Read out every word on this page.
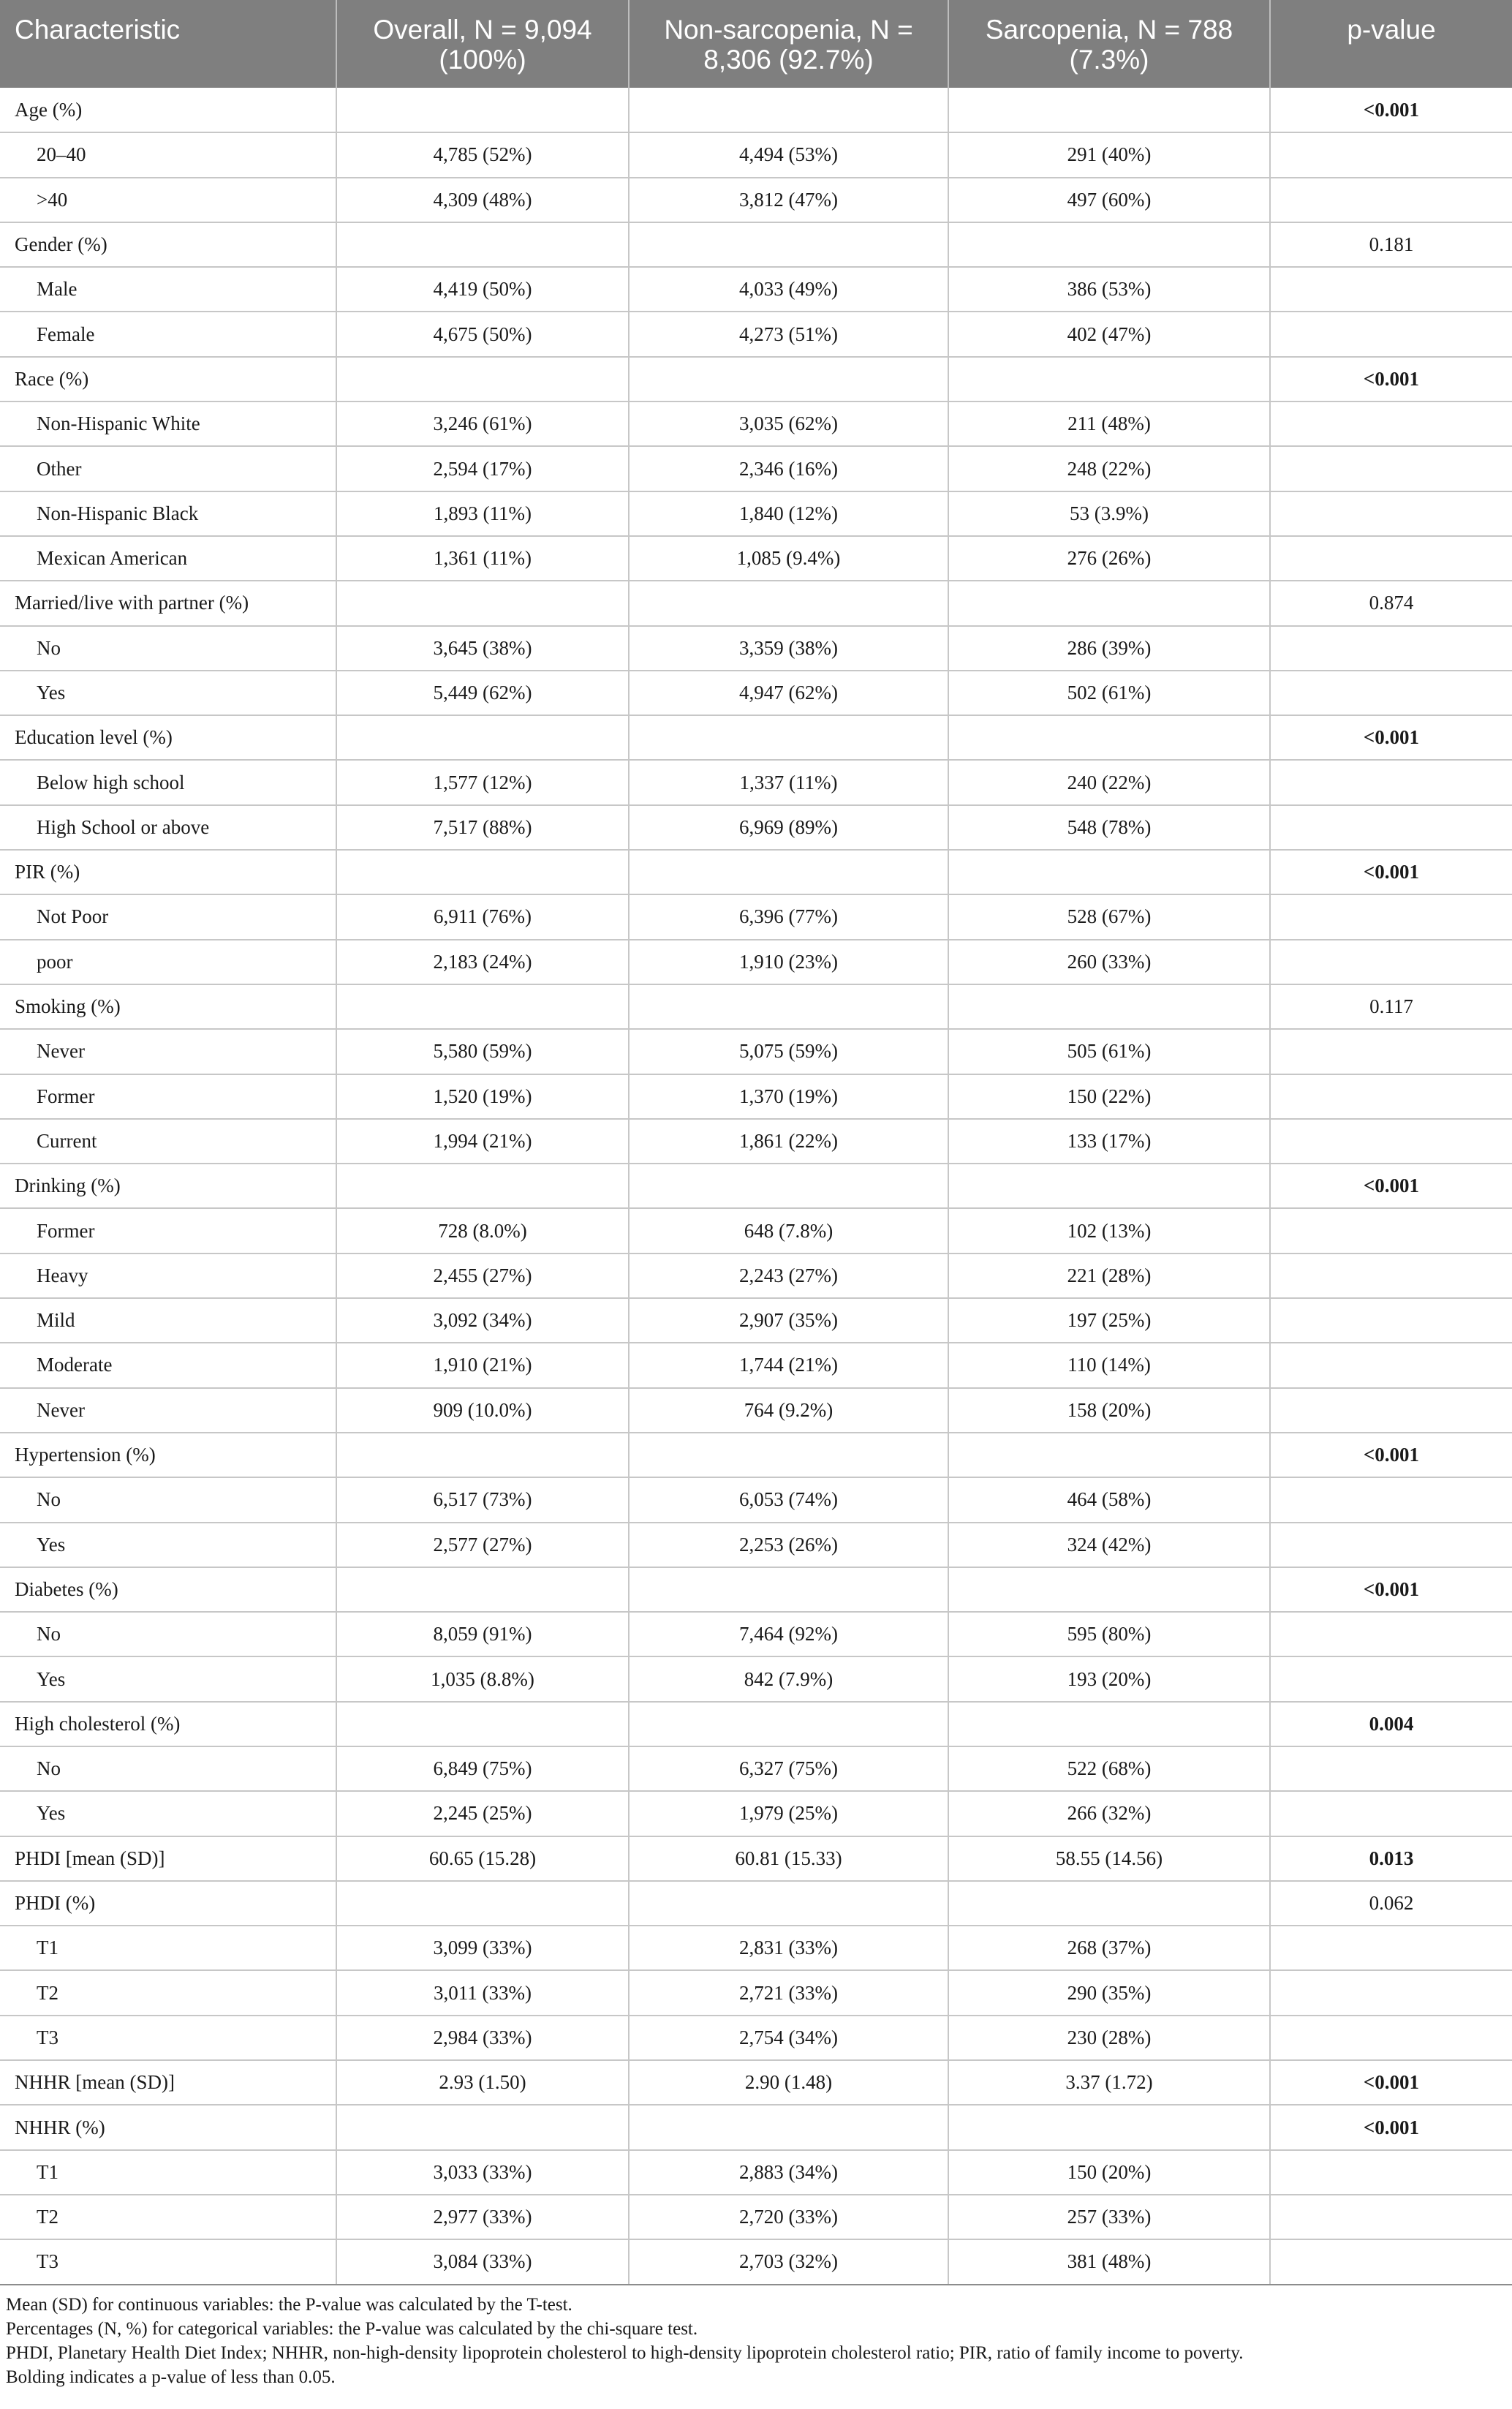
Characteristic	Overall, N = 9,094 (100%)	Non-sarcopenia, N = 8,306 (92.7%)	Sarcopenia, N = 788 (7.3%)	p-value
Age (%)				<0.001
20–40	4,785 (52%)	4,494 (53%)	291 (40%)	
>40	4,309 (48%)	3,812 (47%)	497 (60%)	
Gender (%)				0.181
Male	4,419 (50%)	4,033 (49%)	386 (53%)	
Female	4,675 (50%)	4,273 (51%)	402 (47%)	
Race (%)				<0.001
Non-Hispanic White	3,246 (61%)	3,035 (62%)	211 (48%)	
Other	2,594 (17%)	2,346 (16%)	248 (22%)	
Non-Hispanic Black	1,893 (11%)	1,840 (12%)	53 (3.9%)	
Mexican American	1,361 (11%)	1,085 (9.4%)	276 (26%)	
Married/live with partner (%)				0.874
No	3,645 (38%)	3,359 (38%)	286 (39%)	
Yes	5,449 (62%)	4,947 (62%)	502 (61%)	
Education level (%)				<0.001
Below high school	1,577 (12%)	1,337 (11%)	240 (22%)	
High School or above	7,517 (88%)	6,969 (89%)	548 (78%)	
PIR (%)				<0.001
Not Poor	6,911 (76%)	6,396 (77%)	528 (67%)	
poor	2,183 (24%)	1,910 (23%)	260 (33%)	
Smoking (%)				0.117
Never	5,580 (59%)	5,075 (59%)	505 (61%)	
Former	1,520 (19%)	1,370 (19%)	150 (22%)	
Current	1,994 (21%)	1,861 (22%)	133 (17%)	
Drinking (%)				<0.001
Former	728 (8.0%)	648 (7.8%)	102 (13%)	
Heavy	2,455 (27%)	2,243 (27%)	221 (28%)	
Mild	3,092 (34%)	2,907 (35%)	197 (25%)	
Moderate	1,910 (21%)	1,744 (21%)	110 (14%)	
Never	909 (10.0%)	764 (9.2%)	158 (20%)	
Hypertension (%)				<0.001
No	6,517 (73%)	6,053 (74%)	464 (58%)	
Yes	2,577 (27%)	2,253 (26%)	324 (42%)	
Diabetes (%)				<0.001
No	8,059 (91%)	7,464 (92%)	595 (80%)	
Yes	1,035 (8.8%)	842 (7.9%)	193 (20%)	
High cholesterol (%)				0.004
No	6,849 (75%)	6,327 (75%)	522 (68%)	
Yes	2,245 (25%)	1,979 (25%)	266 (32%)	
PHDI [mean (SD)]	60.65 (15.28)	60.81 (15.33)	58.55 (14.56)	0.013
PHDI (%)				0.062
T1	3,099 (33%)	2,831 (33%)	268 (37%)	
T2	3,011 (33%)	2,721 (33%)	290 (35%)	
T3	2,984 (33%)	2,754 (34%)	230 (28%)	
NHHR [mean (SD)]	2.93 (1.50)	2.90 (1.48)	3.37 (1.72)	<0.001
NHHR (%)				<0.001
T1	3,033 (33%)	2,883 (34%)	150 (20%)	
T2	2,977 (33%)	2,720 (33%)	257 (33%)	
T3	3,084 (33%)	2,703 (32%)	381 (48%)	
Mean (SD) for continuous variables: the P-value was calculated by the T-test.
Percentages (N, %) for categorical variables: the P-value was calculated by the chi-square test.
PHDI, Planetary Health Diet Index; NHHR, non-high-density lipoprotein cholesterol to high-density lipoprotein cholesterol ratio; PIR, ratio of family income to poverty.
Bolding indicates a p-value of less than 0.05.
